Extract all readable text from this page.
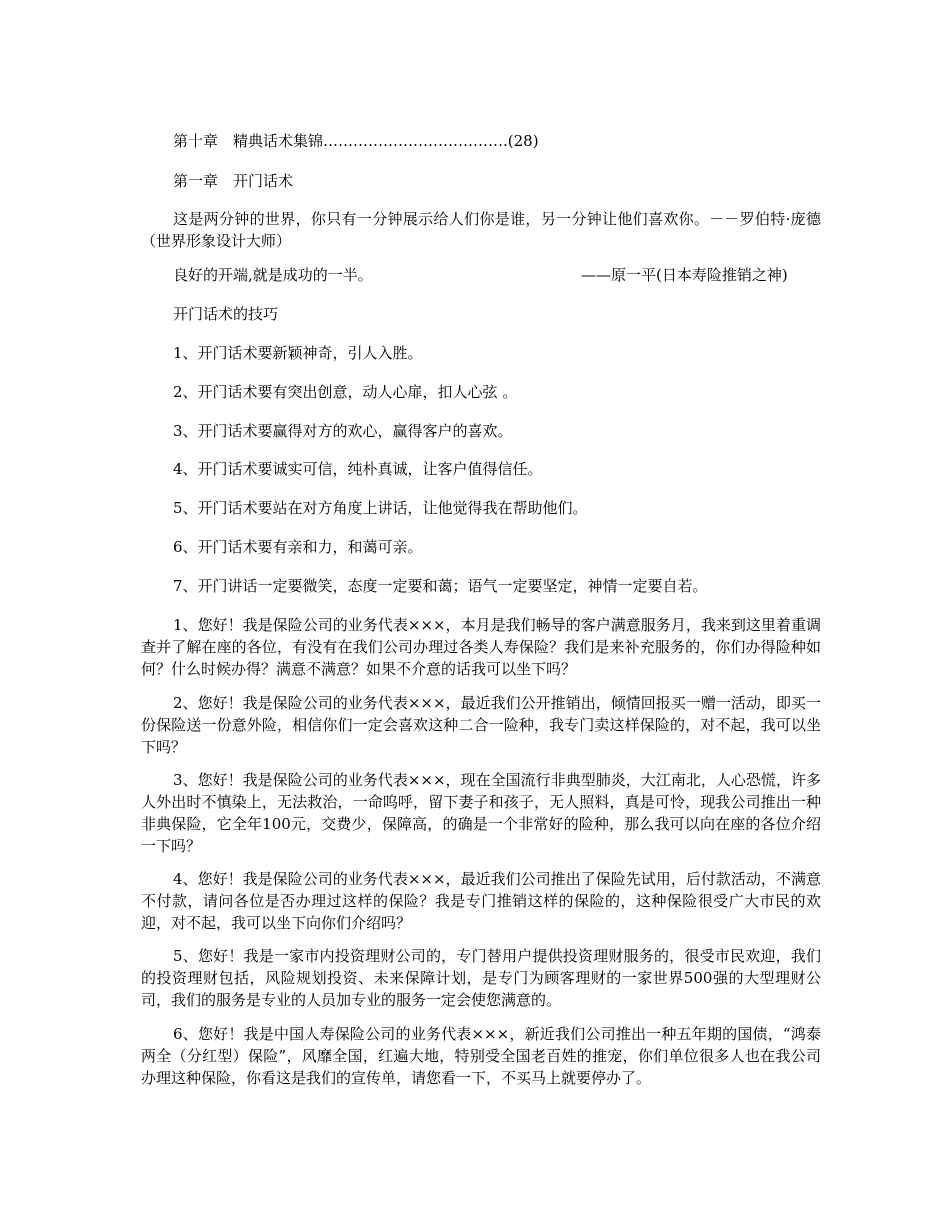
第十章　精典话术集锦……………………………….(28)
第一章　开门话术
这是两分钟的世界，你只有一分钟展示给人们你是谁，另一分钟让他们喜欢你。－－罗伯特·庞德（世界形象设计大师）
良好的开端,就是成功的一半。	——原一平(日本寿险推销之神)
开门话术的技巧
1、开门话术要新颖神奇，引人入胜。
2、开门话术要有突出创意，动人心扉，扣人心弦 。
3、开门话术要赢得对方的欢心，赢得客户的喜欢。
4、开门话术要诚实可信，纯朴真诚，让客户值得信任。
5、开门话术要站在对方角度上讲话，让他觉得我在帮助他们。
6、开门话术要有亲和力，和蔼可亲。
7、开门讲话一定要微笑，态度一定要和蔼；语气一定要坚定，神情一定要自若。
1、您好！我是保险公司的业务代表×××，本月是我们畅导的客户满意服务月，我来到这里着重调查并了解在座的各位，有没有在我们公司办理过各类人寿保险？我们是来补充服务的，你们办得险种如何？什么时候办得？满意不满意？如果不介意的话我可以坐下吗？
2、您好！我是保险公司的业务代表×××，最近我们公开推销出，倾情回报买一赠一活动，即买一份保险送一份意外险，相信你们一定会喜欢这种二合一险种，我专门卖这样保险的，对不起，我可以坐下吗？
3、您好！我是保险公司的业务代表×××，现在全国流行非典型肺炎，大江南北，人心恐慌，许多人外出时不慎染上，无法救治，一命呜呼，留下妻子和孩子，无人照料，真是可怜，现我公司推出一种非典保险，它全年100元，交费少，保障高，的确是一个非常好的险种，那么我可以向在座的各位介绍一下吗？
4、您好！我是保险公司的业务代表×××，最近我们公司推出了保险先试用，后付款活动，不满意不付款，请问各位是否办理过这样的保险？我是专门推销这样的保险的，这种保险很受广大市民的欢迎，对不起，我可以坐下向你们介绍吗？
5、您好！我是一家市内投资理财公司的，专门替用户提供投资理财服务的，很受市民欢迎，我们的投资理财包括，风险规划投资、未来保障计划，是专门为顾客理财的一家世界500强的大型理财公司，我们的服务是专业的人员加专业的服务一定会使您满意的。
6、您好！我是中国人寿保险公司的业务代表×××，新近我们公司推出一种五年期的国债，“鸿泰两全（分红型）保险”，风靡全国，红遍大地，特别受全国老百姓的推宠，你们单位很多人也在我公司办理这种保险，你看这是我们的宣传单，请您看一下，不买马上就要停办了。
